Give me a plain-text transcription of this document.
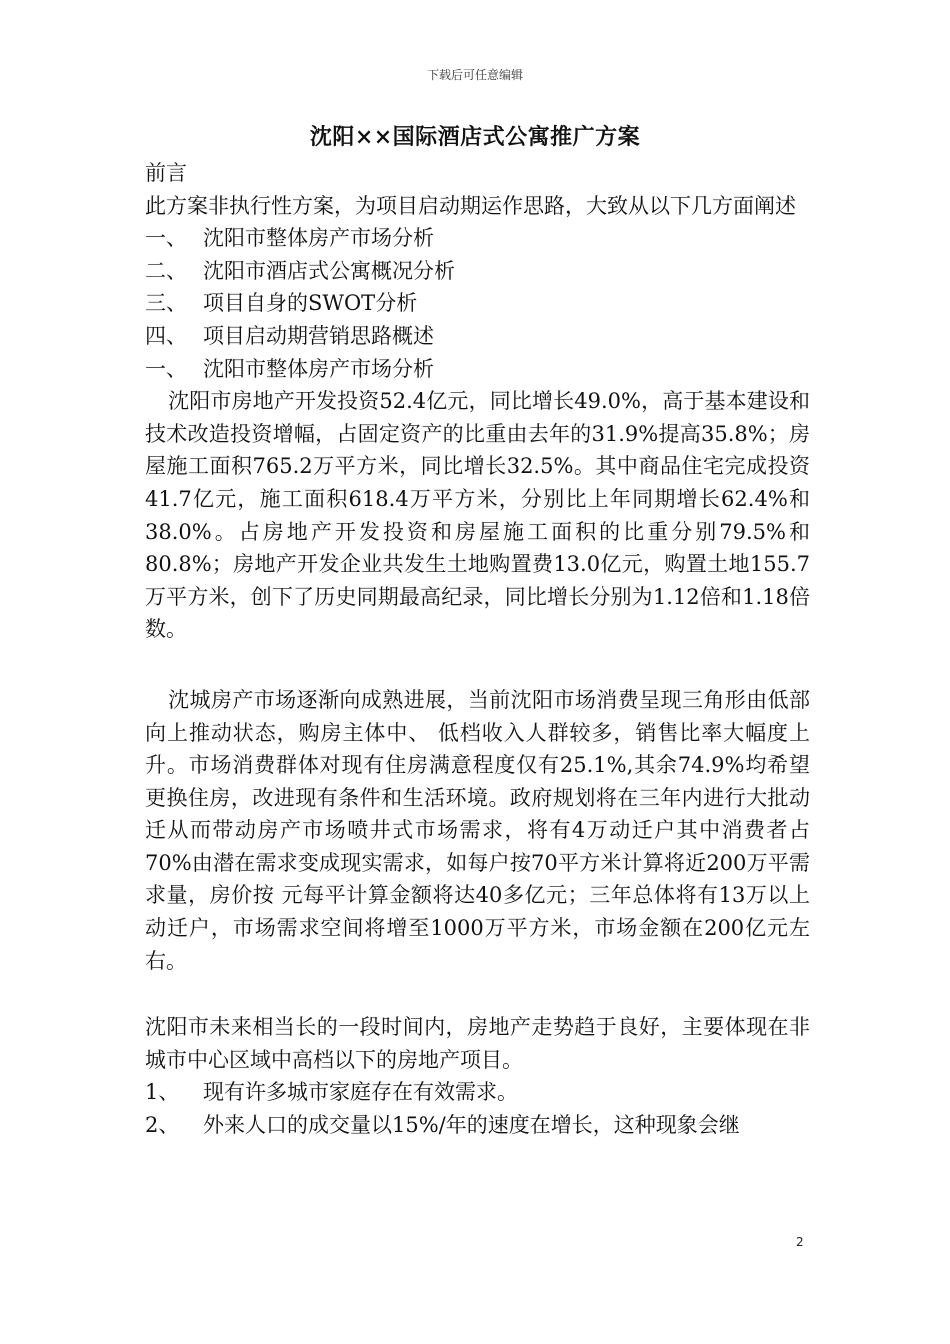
下载后可任意编辑
沈阳××国际酒店式公寓推广方案

前言

此方案非执行性方案，为项目启动期运作思路，大致从以下几方面阐述

一、 沈阳市整体房产市场分析
二、 沈阳市酒店式公寓概况分析
三、 项目自身的SWOT分析
四、 项目启动期营销思路概述
一、 沈阳市整体房产市场分析

沈阳市房地产开发投资52.4亿元，同比增长49.0%，高于基本建设和技术改造投资增幅，占固定资产的比重由去年的31.9%提高35.8%；房屋施工面积765.2万平方米，同比增长32.5%。其中商品住宅完成投资41.7亿元，施工面积618.4万平方米，分别比上年同期增长62.4%和38.0%。占房地产开发投资和房屋施工面积的比重分别79.5%和80.8%；房地产开发企业共发生土地购置费13.0亿元，购置土地155.7万平方米，创下了历史同期最高纪录，同比增长分别为1.12倍和1.18倍数。

沈城房产市场逐渐向成熟进展，当前沈阳市场消费呈现三角形由低部向上推动状态，购房主体中、 低档收入人群较多，销售比率大幅度上升。市场消费群体对现有住房满意程度仅有25.1%,其余74.9%均希望更换住房，改进现有条件和生活环境。政府规划将在三年内进行大批动迁从而带动房产市场喷井式市场需求，将有4万动迁户其中消费者占70%由潜在需求变成现实需求，如每户按70平方米计算将近200万平需求量，房价按 元每平计算金额将达40多亿元；三年总体将有13万以上动迁户，市场需求空间将增至1000万平方米，市场金额在200亿元左右。

沈阳市未来相当长的一段时间内，房地产走势趋于良好，主要体现在非城市中心区域中高档以下的房地产项目。

1、	现有许多城市家庭存在有效需求。
2、	外来人口的成交量以15%/年的速度在增长，这种现象会继
2
